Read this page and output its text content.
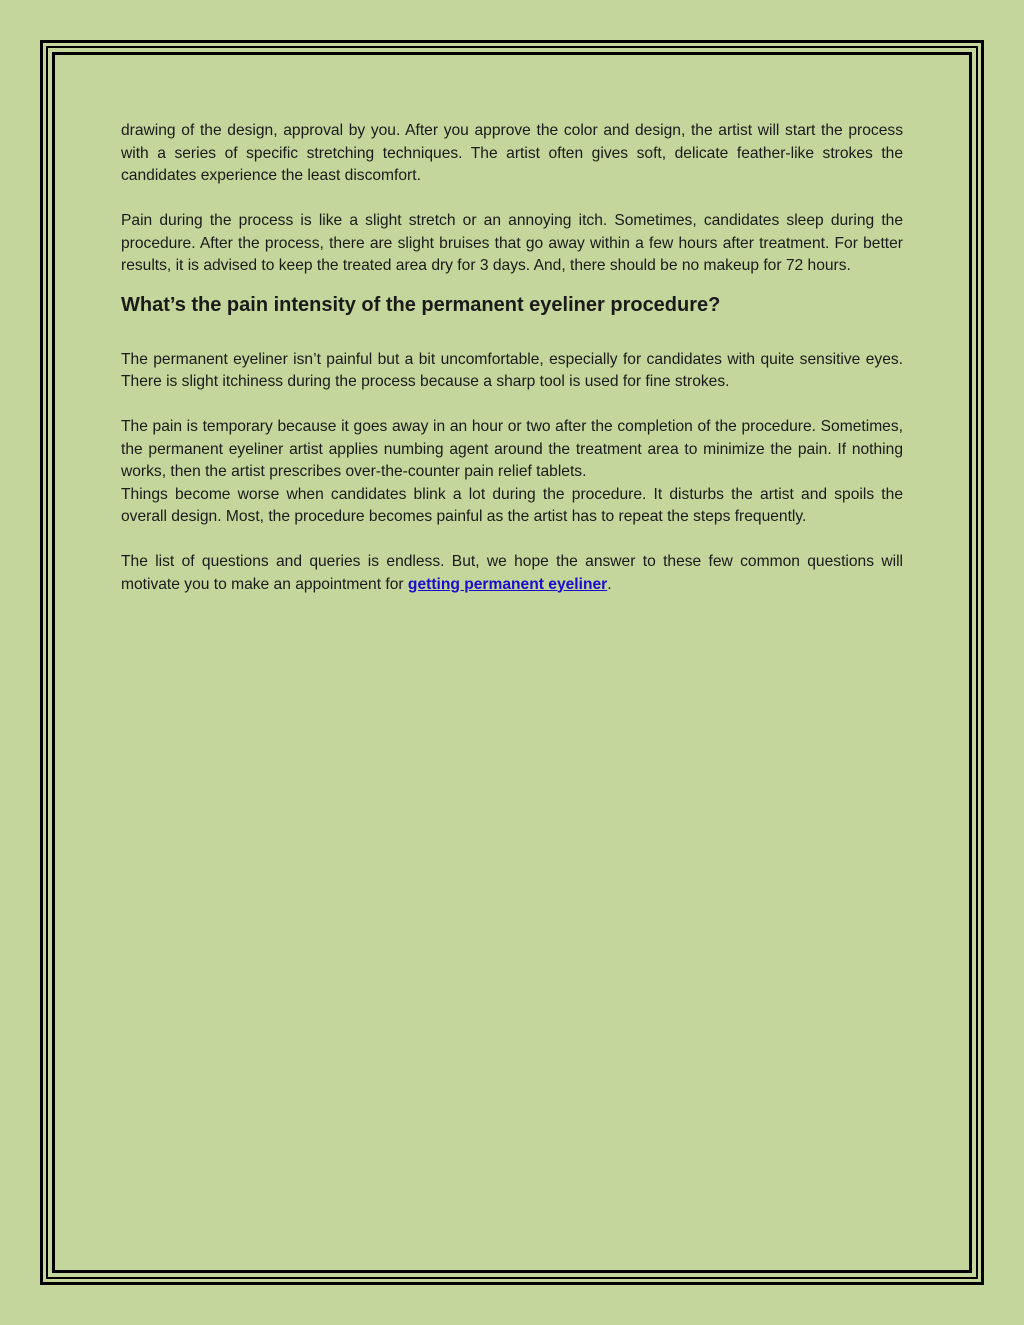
drawing of the design, approval by you. After you approve the color and design, the artist will start the process with a series of specific stretching techniques. The artist often gives soft, delicate feather-like strokes the candidates experience the least discomfort.

Pain during the process is like a slight stretch or an annoying itch. Sometimes, candidates sleep during the procedure. After the process, there are slight bruises that go away within a few hours after treatment. For better results, it is advised to keep the treated area dry for 3 days. And, there should be no makeup for 72 hours.

What’s the pain intensity of the permanent eyeliner procedure?

The permanent eyeliner isn’t painful but a bit uncomfortable, especially for candidates with quite sensitive eyes. There is slight itchiness during the process because a sharp tool is used for fine strokes.

The pain is temporary because it goes away in an hour or two after the completion of the procedure. Sometimes, the permanent eyeliner artist applies numbing agent around the treatment area to minimize the pain. If nothing works, then the artist prescribes over-the-counter pain relief tablets.

Things become worse when candidates blink a lot during the procedure. It disturbs the artist and spoils the overall design. Most, the procedure becomes painful as the artist has to repeat the steps frequently.

The list of questions and queries is endless. But, we hope the answer to these few common questions will motivate you to make an appointment for getting permanent eyeliner.
